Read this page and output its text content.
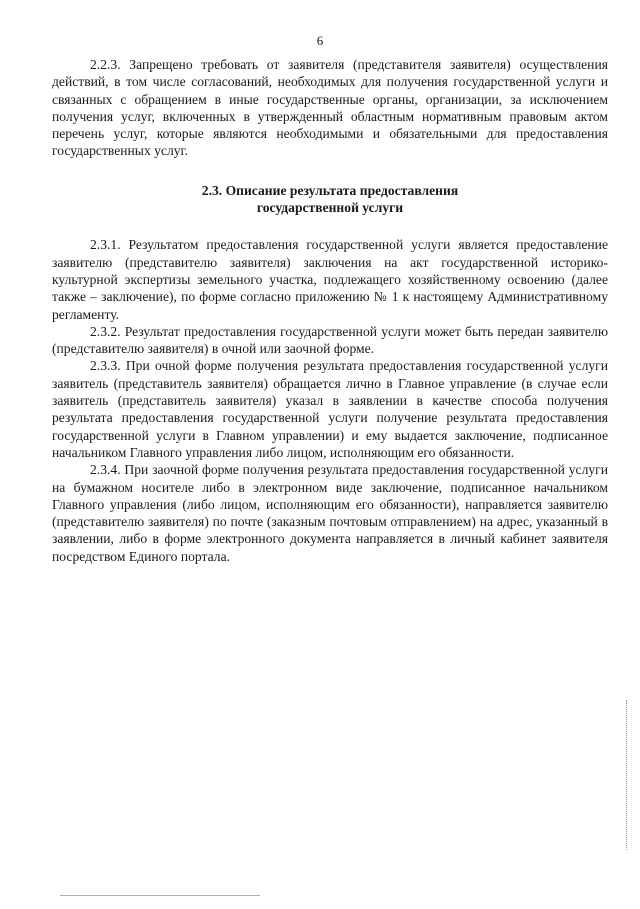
6

2.2.3. Запрещено требовать от заявителя (представителя заявителя) осуществления действий, в том числе согласований, необходимых для получения государственной услуги и связанных с обращением в иные государственные органы, организации, за исключением получения услуг, включенных в утвержденный областным нормативным правовым актом перечень услуг, которые являются необходимыми и обязательными для предоставления государственных услуг.

2.3. Описание результата предоставления
государственной услуги

2.3.1. Результатом предоставления государственной услуги является предоставление заявителю (представителю заявителя) заключения на акт государственной историко-культурной экспертизы земельного участка, подлежащего хозяйственному освоению (далее также – заключение), по форме согласно приложению № 1 к настоящему Административному регламенту.

2.3.2. Результат предоставления государственной услуги может быть передан заявителю (представителю заявителя) в очной или заочной форме.

2.3.3. При очной форме получения результата предоставления государственной услуги заявитель (представитель заявителя) обращается лично в Главное управление (в случае если заявитель (представитель заявителя) указал в заявлении в качестве способа получения результата предоставления государственной услуги получение результата предоставления государственной услуги в Главном управлении) и ему выдается заключение, подписанное начальником Главного управления либо лицом, исполняющим его обязанности.

2.3.4. При заочной форме получения результата предоставления государственной услуги на бумажном носителе либо в электронном виде заключение, подписанное начальником Главного управления (либо лицом, исполняющим его обязанности), направляется заявителю (представителю заявителя) по почте (заказным почтовым отправлением) на адрес, указанный в заявлении, либо в форме электронного документа направляется в личный кабинет заявителя посредством Единого портала.
